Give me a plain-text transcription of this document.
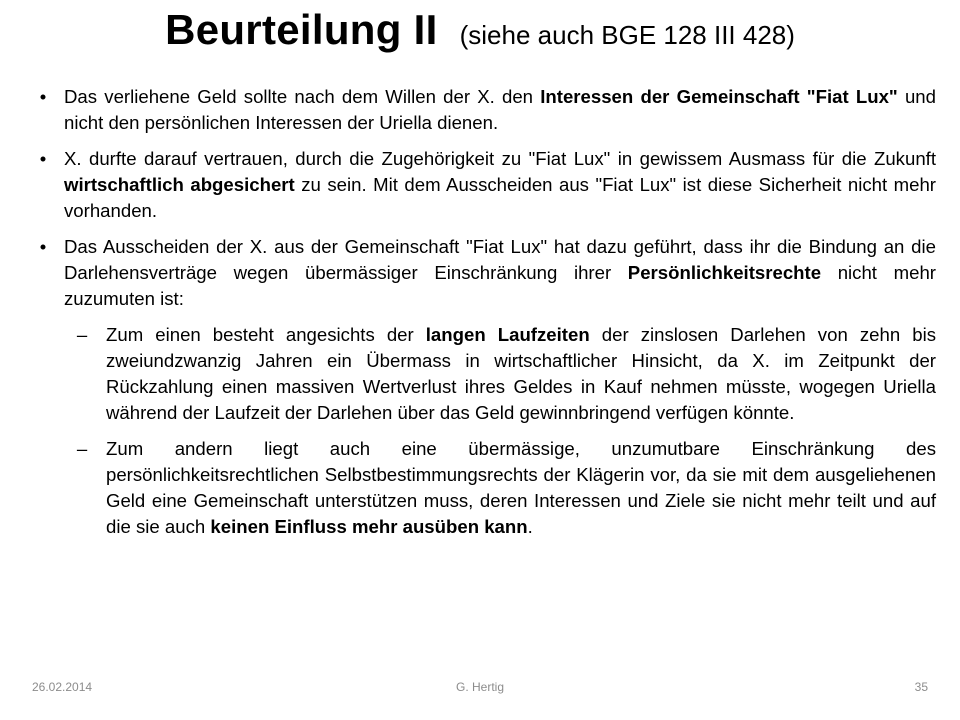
Beurteilung II (siehe auch BGE 128 III 428)
• Das verliehene Geld sollte nach dem Willen der X. den Interessen der Gemeinschaft "Fiat Lux" und nicht den persönlichen Interessen der Uriella dienen.
• X. durfte darauf vertrauen, durch die Zugehörigkeit zu "Fiat Lux" in gewissem Ausmass für die Zukunft wirtschaftlich abgesichert zu sein. Mit dem Ausscheiden aus "Fiat Lux" ist diese Sicherheit nicht mehr vorhanden.
• Das Ausscheiden der X. aus der Gemeinschaft "Fiat Lux" hat dazu geführt, dass ihr die Bindung an die Darlehensverträge wegen übermässiger Einschränkung ihrer Persönlichkeitsrechte nicht mehr zuzumuten ist:
– Zum einen besteht angesichts der langen Laufzeiten der zinslosen Darlehen von zehn bis zweiundzwanzig Jahren ein Übermass in wirtschaftlicher Hinsicht, da X. im Zeitpunkt der Rückzahlung einen massiven Wertverlust ihres Geldes in Kauf nehmen müsste, wogegen Uriella während der Laufzeit der Darlehen über das Geld gewinnbringend verfügen könnte.
– Zum andern liegt auch eine übermässige, unzumutbare Einschränkung des persönlichkeitsrechtlichen Selbstbestimmungsrechts der Klägerin vor, da sie mit dem ausgeliehenen Geld eine Gemeinschaft unterstützen muss, deren Interessen und Ziele sie nicht mehr teilt und auf die sie auch keinen Einfluss mehr ausüben kann.
26.02.2014	G. Hertig	35
